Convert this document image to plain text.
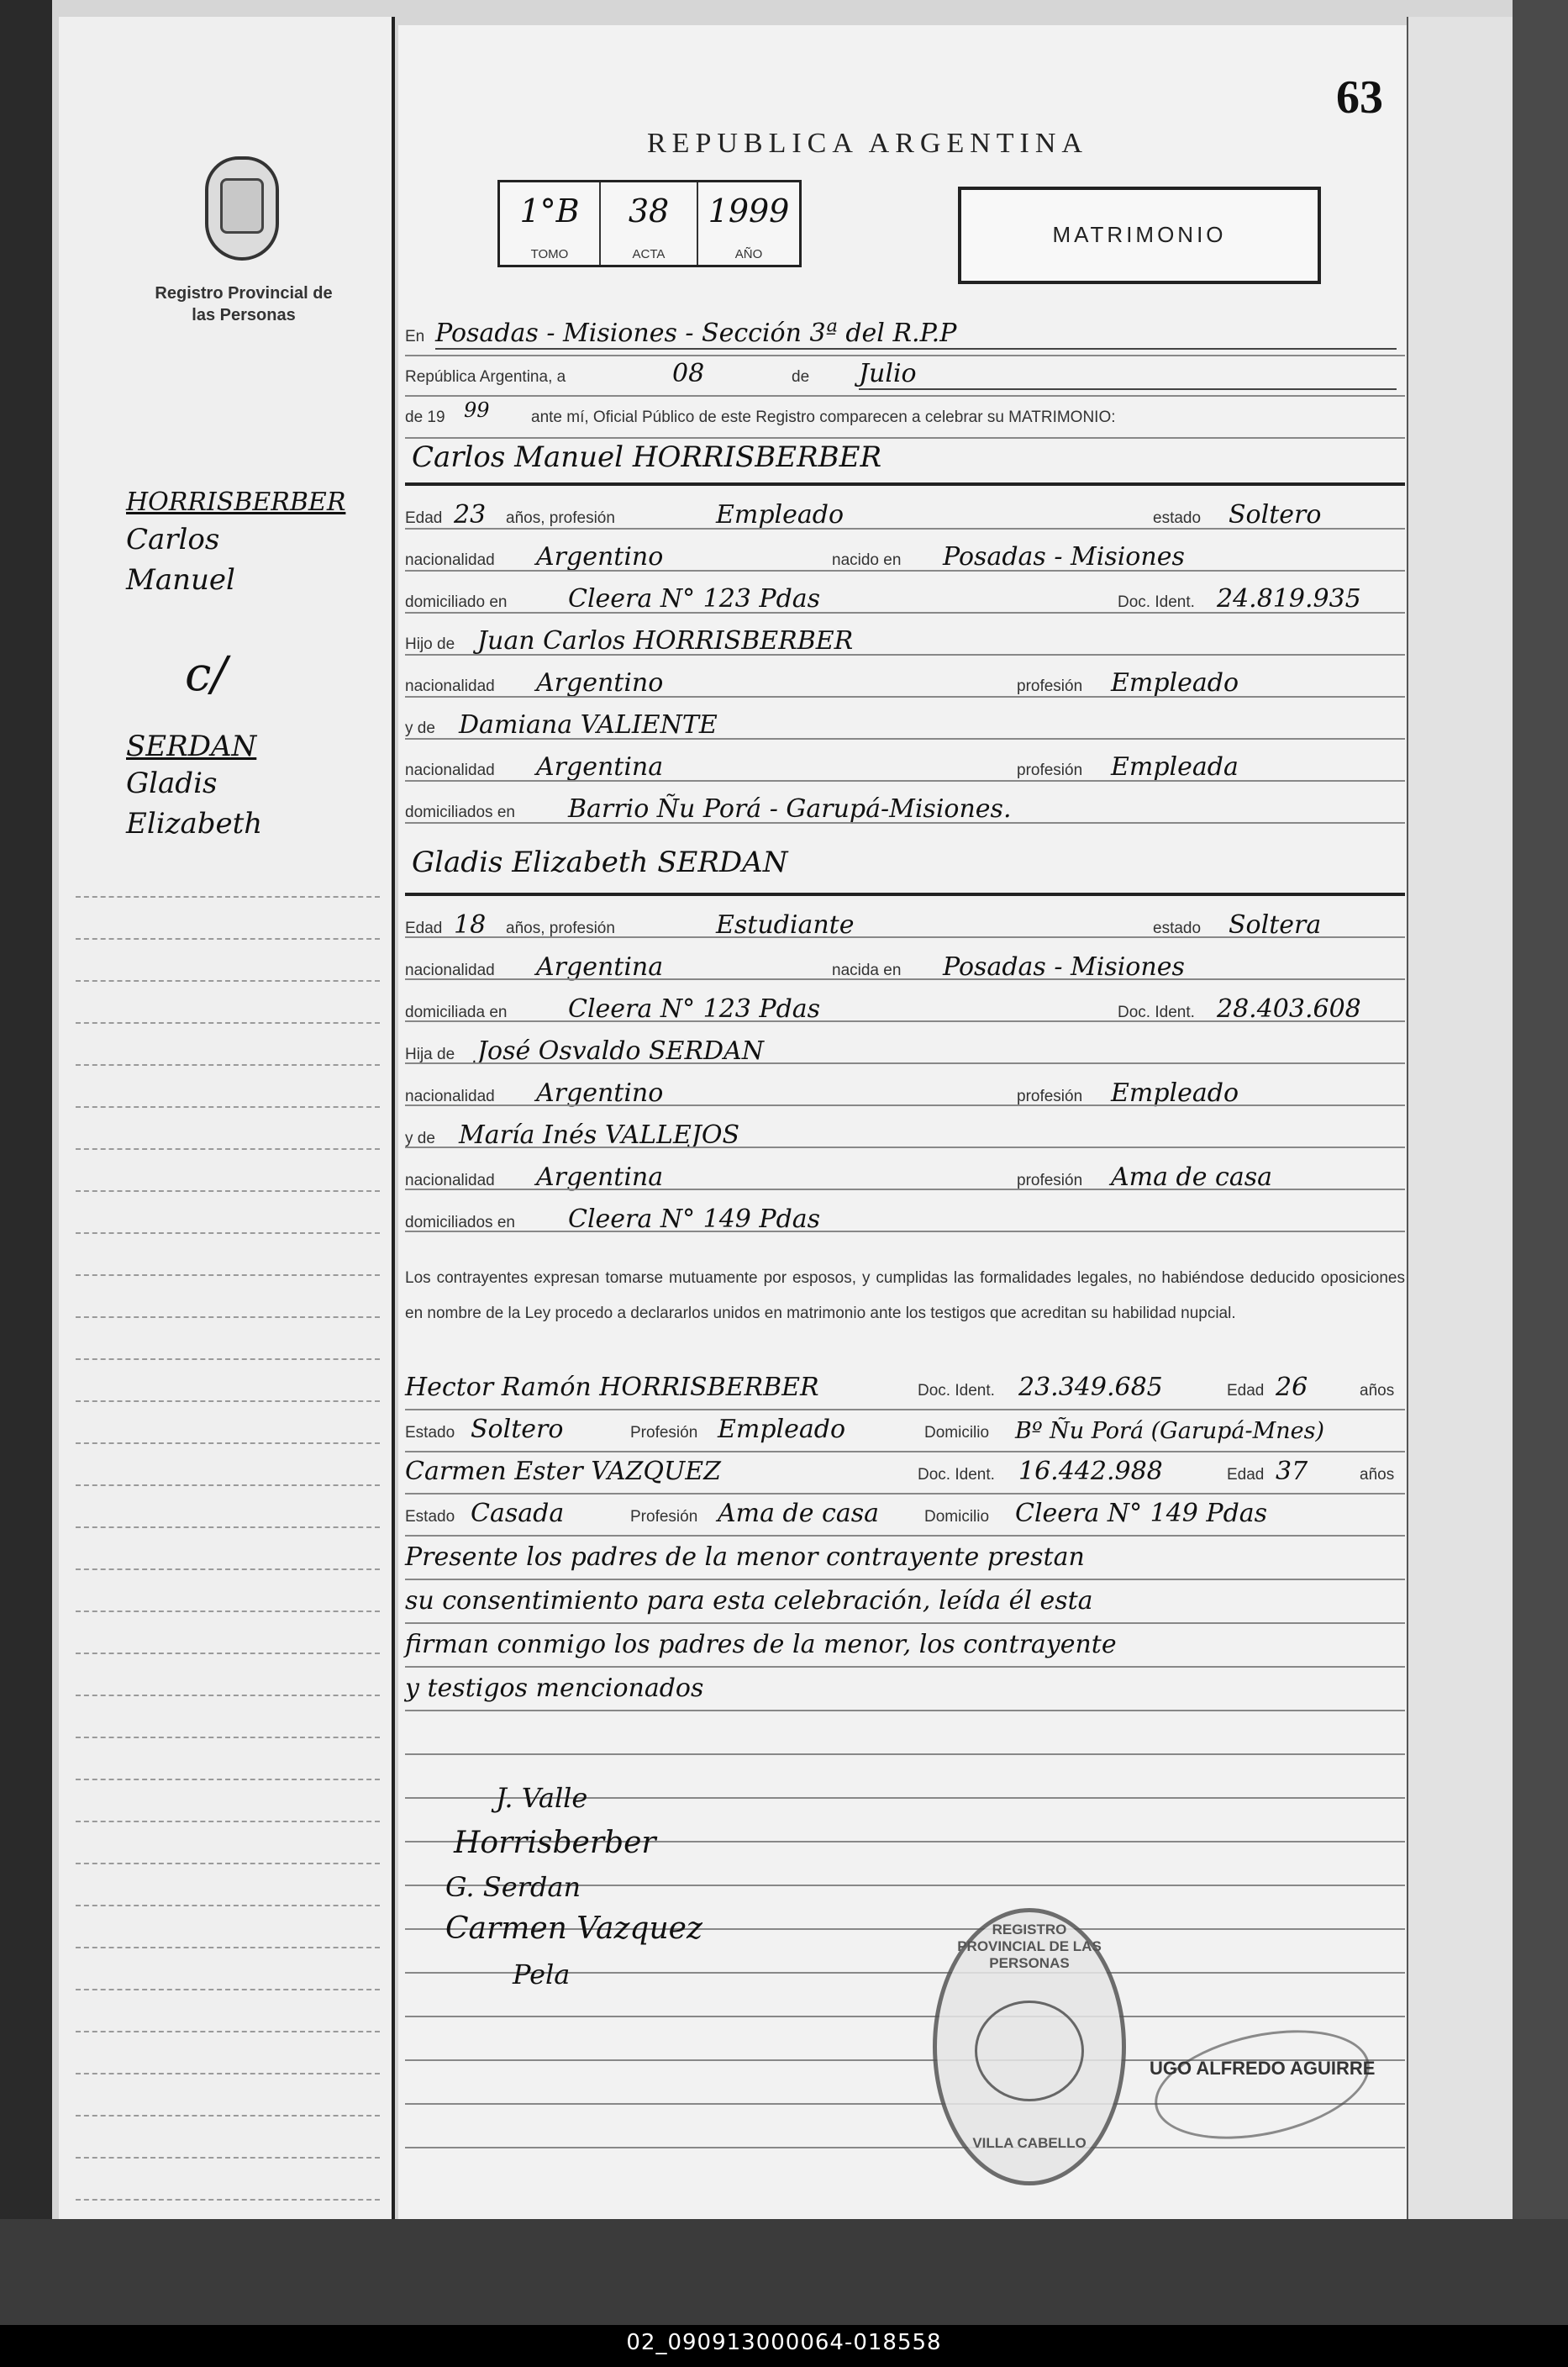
Registro Provincial de las Personas
HORRISBERBER
Carlos
Manuel
c/
SERDAN
Gladis
Elizabeth
63
REPUBLICA ARGENTINA
1°B
TOMO
38
ACTA
1999
AÑO
MATRIMONIO
En Posadas - Misiones - Sección 3ª del R.P.P
República Argentina, a	08	de Julio
de 19 99	ante mí, Oficial Público de este Registro comparecen a celebrar su MATRIMONIO:
Carlos Manuel HORRISBERBER
Edad 23 años, profesión	Empleado	estado Soltero
nacionalidad Argentino	nacido en Posadas - Misiones
domiciliado en Cleera N° 123 Pdas	Doc. Ident. 24.819.935
Hijo de Juan Carlos HORRISBERBER
nacionalidad Argentino	profesión Empleado
y de Damiana VALIENTE
nacionalidad Argentina	profesión Empleada
domiciliados en Barrio Ñu Porá - Garupá-Misiones.
Gladis Elizabeth SERDAN
Edad 18 años, profesión	Estudiante	estado Soltera
nacionalidad Argentina	nacida en Posadas - Misiones
domiciliada en Cleera N° 123 Pdas	Doc. Ident. 28.403.608
Hija de José Osvaldo SERDAN
nacionalidad Argentino	profesión Empleado
y de María Inés VALLEJOS
nacionalidad Argentina	profesión Ama de casa
domiciliados en Cleera N° 149 Pdas
Los contrayentes expresan tomarse mutuamente por esposos, y cumplidas las formalidades legales, no habiéndose deducido oposiciones en nombre de la Ley procedo a declararlos unidos en matrimonio ante los testigos que acreditan su habilidad nupcial.
Hector Ramón HORRISBERBER	Doc. Ident. 23.349.685	Edad 26	años
Estado Soltero	Profesión Empleado	Domicilio Bº Ñu Porá (Garupá-Mnes)
Carmen Ester VAZQUEZ	Doc. Ident. 16.442.988	Edad 37	años
Estado Casada	Profesión Ama de casa	Domicilio Cleera N° 149 Pdas
Presente los padres de la menor contrayente prestan
su consentimiento para esta celebración, leída él esta
firman conmigo los padres de la menor, los contrayente
y testigos mencionados
J. Valle
Horrisberber
G. Serdan
Carmen Vazquez
Pela
REGISTRO PROVINCIAL DE LAS PERSONAS
VILLA CABELLO
UGO ALFREDO AGUIRRE
02_090913000064-018558
